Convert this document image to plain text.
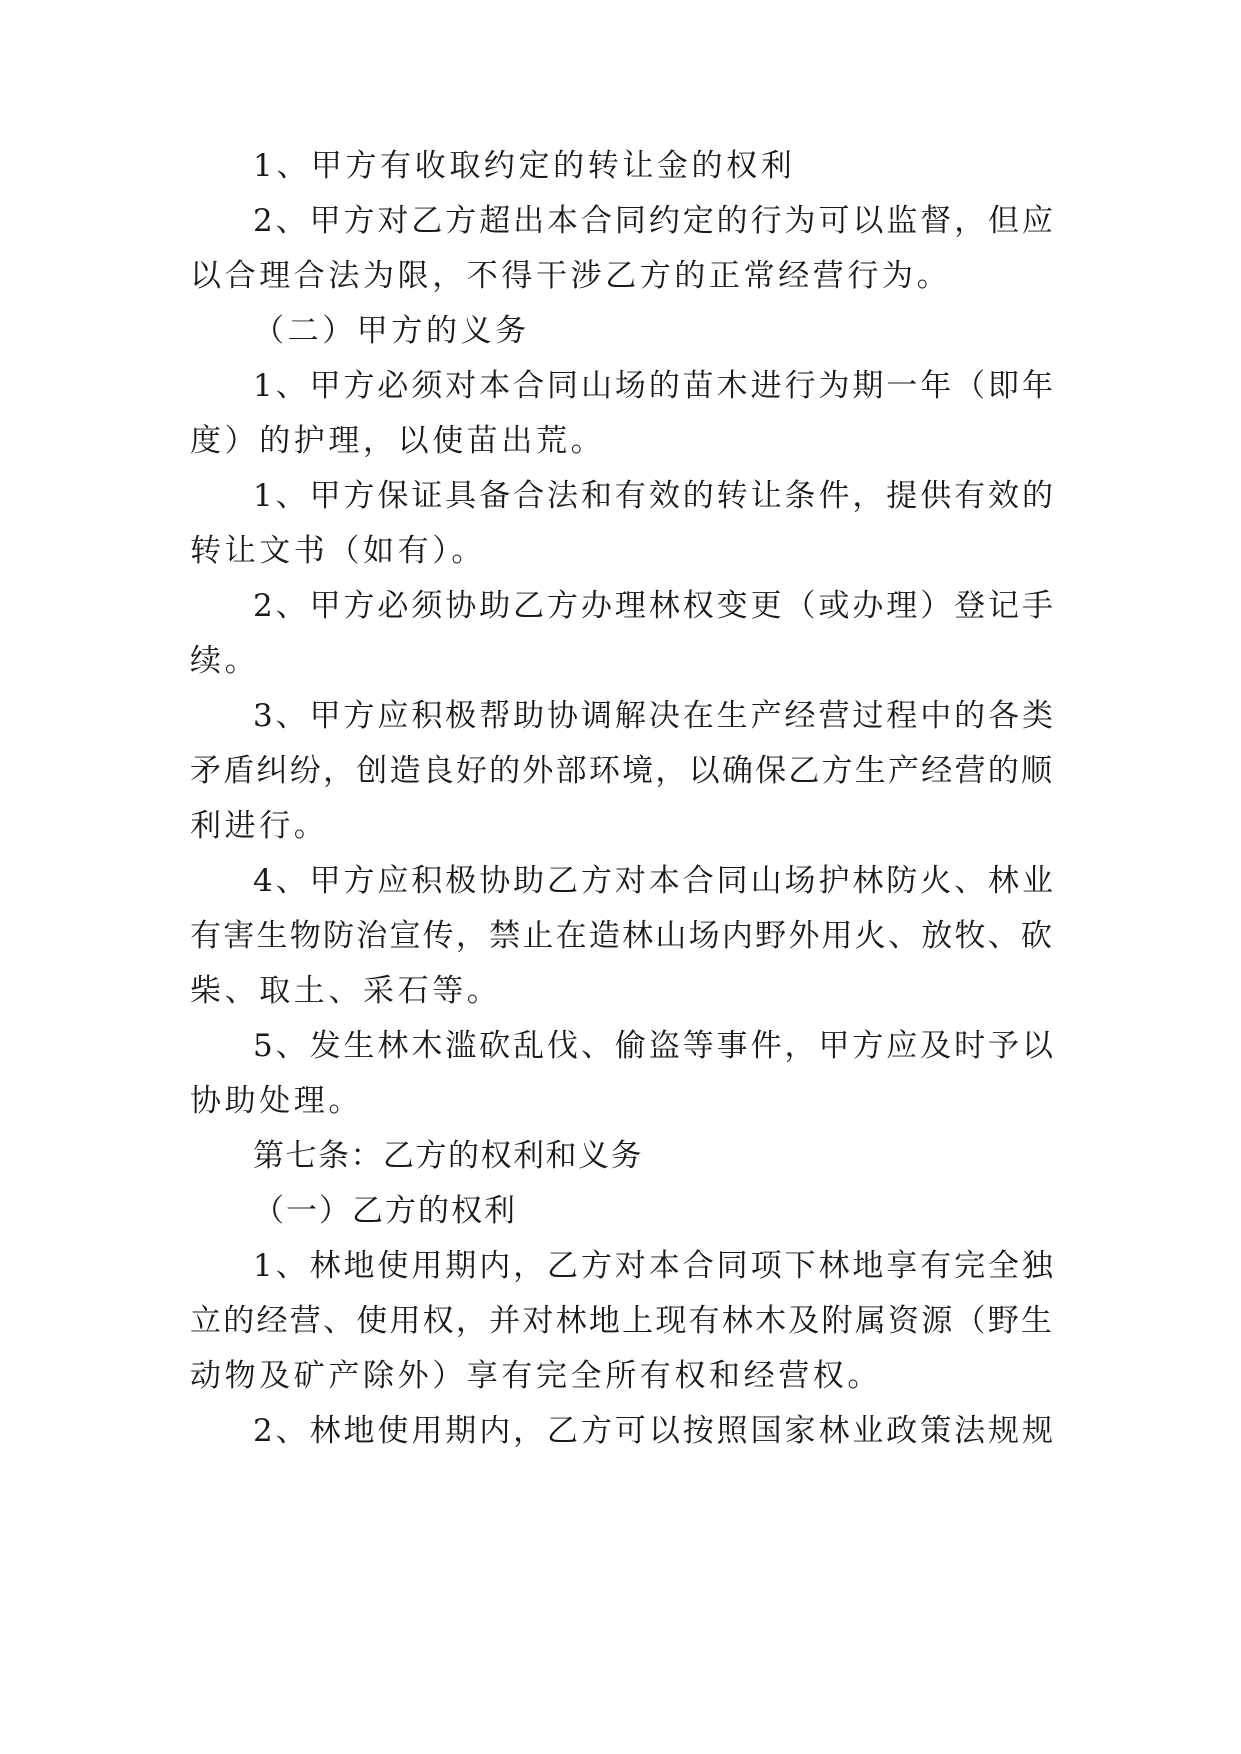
1、甲方有收取约定的转让金的权利
2、甲方对乙方超出本合同约定的行为可以监督，但应
以合理合法为限，不得干涉乙方的正常经营行为。
（二）甲方的义务
1、甲方必须对本合同山场的苗木进行为期一年（即年
度）的护理，以使苗出荒。
1、甲方保证具备合法和有效的转让条件，提供有效的
转让文书（如有）。
2、甲方必须协助乙方办理林权变更（或办理）登记手
续。
3、甲方应积极帮助协调解决在生产经营过程中的各类
矛盾纠纷，创造良好的外部环境，以确保乙方生产经营的顺
利进行。
4、甲方应积极协助乙方对本合同山场护林防火、林业
有害生物防治宣传，禁止在造林山场内野外用火、放牧、砍
柴、取土、采石等。
5、发生林木滥砍乱伐、偷盗等事件，甲方应及时予以
协助处理。
第七条：乙方的权利和义务
（一）乙方的权利
1、林地使用期内，乙方对本合同项下林地享有完全独
立的经营、使用权，并对林地上现有林木及附属资源（野生
动物及矿产除外）享有完全所有权和经营权。
2、林地使用期内，乙方可以按照国家林业政策法规规
